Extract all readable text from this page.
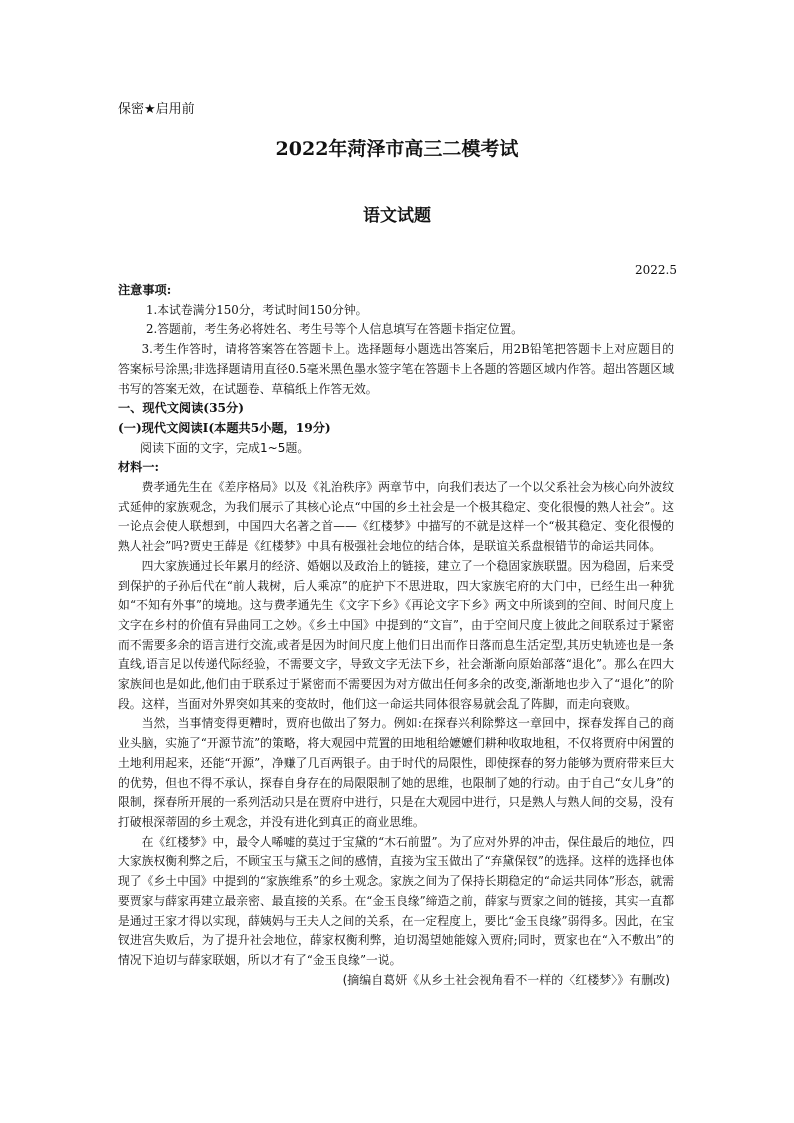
保密★启用前
2022年菏泽市高三二模考试
语文试题
2022.5

注意事项:

1.本试卷满分150分，考试时间150分钟。

2.答题前，考生务必将姓名、考生号等个人信息填写在答题卡指定位置。

3.考生作答时，请将答案答在答题卡上。选择题每小题选出答案后，用2B铅笔把答题卡上对应题目的答案标号涂黑;非选择题请用直径0.5毫米黑色墨水签字笔在答题卡上各题的答题区域内作答。超出答题区域书写的答案无效，在试题卷、草稿纸上作答无效。

一、现代文阅读(35分)

(一)现代文阅读Ⅰ(本题共5小题，19分)

阅读下面的文字，完成1~5题。

材料一:

费孝通先生在《差序格局》以及《礼治秩序》两章节中，向我们表达了一个以父系社会为核心向外波纹式延伸的家族观念，为我们展示了其核心论点“中国的乡土社会是一个极其稳定、变化很慢的熟人社会”。这一论点会使人联想到，中国四大名著之首——《红楼梦》中描写的不就是这样一个“极其稳定、变化很慢的熟人社会”吗?贾史王薛是《红楼梦》中具有极强社会地位的结合体，是联谊关系盘根错节的命运共同体。

四大家族通过长年累月的经济、婚姻以及政治上的链接，建立了一个稳固家族联盟。因为稳固，后来受到保护的子孙后代在“前人栽树，后人乘凉”的庇护下不思进取，四大家族宅府的大门中，已经生出一种犹如“不知有外事”的境地。这与费孝通先生《文字下乡》《再论文字下乡》两文中所谈到的空间、时间尺度上文字在乡村的价值有异曲同工之妙。《乡土中国》中提到的“文盲”，由于空间尺度上彼此之间联系过于紧密而不需要多余的语言进行交流,或者是因为时间尺度上他们日出而作日落而息生活定型,其历史轨迹也是一条直线,语言足以传递代际经验，不需要文字，导致文字无法下乡，社会渐渐向原始部落“退化”。那么在四大家族间也是如此,他们由于联系过于紧密而不需要因为对方做出任何多余的改变,渐渐地也步入了“退化”的阶段。这样，当面对外界突如其来的变故时，他们这一命运共同体很容易就会乱了阵脚，而走向衰败。

当然，当事情变得更糟时，贾府也做出了努力。例如:在探春兴利除弊这一章回中，探春发挥自己的商业头脑，实施了“开源节流”的策略，将大观园中荒置的田地租给嬷嬷们耕种收取地租，不仅将贾府中闲置的土地利用起来，还能“开源”，净赚了几百两银子。由于时代的局限性，即使探春的努力能够为贾府带来巨大的优势，但也不得不承认，探春自身存在的局限限制了她的思维，也限制了她的行动。由于自己“女儿身”的限制，探春所开展的一系列活动只是在贾府中进行，只是在大观园中进行，只是熟人与熟人间的交易，没有打破根深蒂固的乡土观念，并没有进化到真正的商业思维。

在《红楼梦》中，最令人唏嘘的莫过于宝黛的“木石前盟”。为了应对外界的冲击，保住最后的地位，四大家族权衡利弊之后，不顾宝玉与黛玉之间的感情，直接为宝玉做出了“弃黛保钗”的选择。这样的选择也体现了《乡土中国》中提到的“家族维系”的乡土观念。家族之间为了保持长期稳定的“命运共同体”形态，就需要贾家与薛家再建立最亲密、最直接的关系。在“金玉良缘”缔造之前，薛家与贾家之间的链接，其实一直都是通过王家才得以实现，薛姨妈与王夫人之间的关系，在一定程度上，要比“金玉良缘”弱得多。因此，在宝钗进宫失败后，为了提升社会地位，薛家权衡利弊，迫切渴望她能嫁入贾府;同时，贾家也在“入不敷出”的情况下迫切与薛家联姻，所以才有了“金玉良缘”一说。

(摘编自葛妍《从乡土社会视角看不一样的〈红楼梦〉》有删改)
